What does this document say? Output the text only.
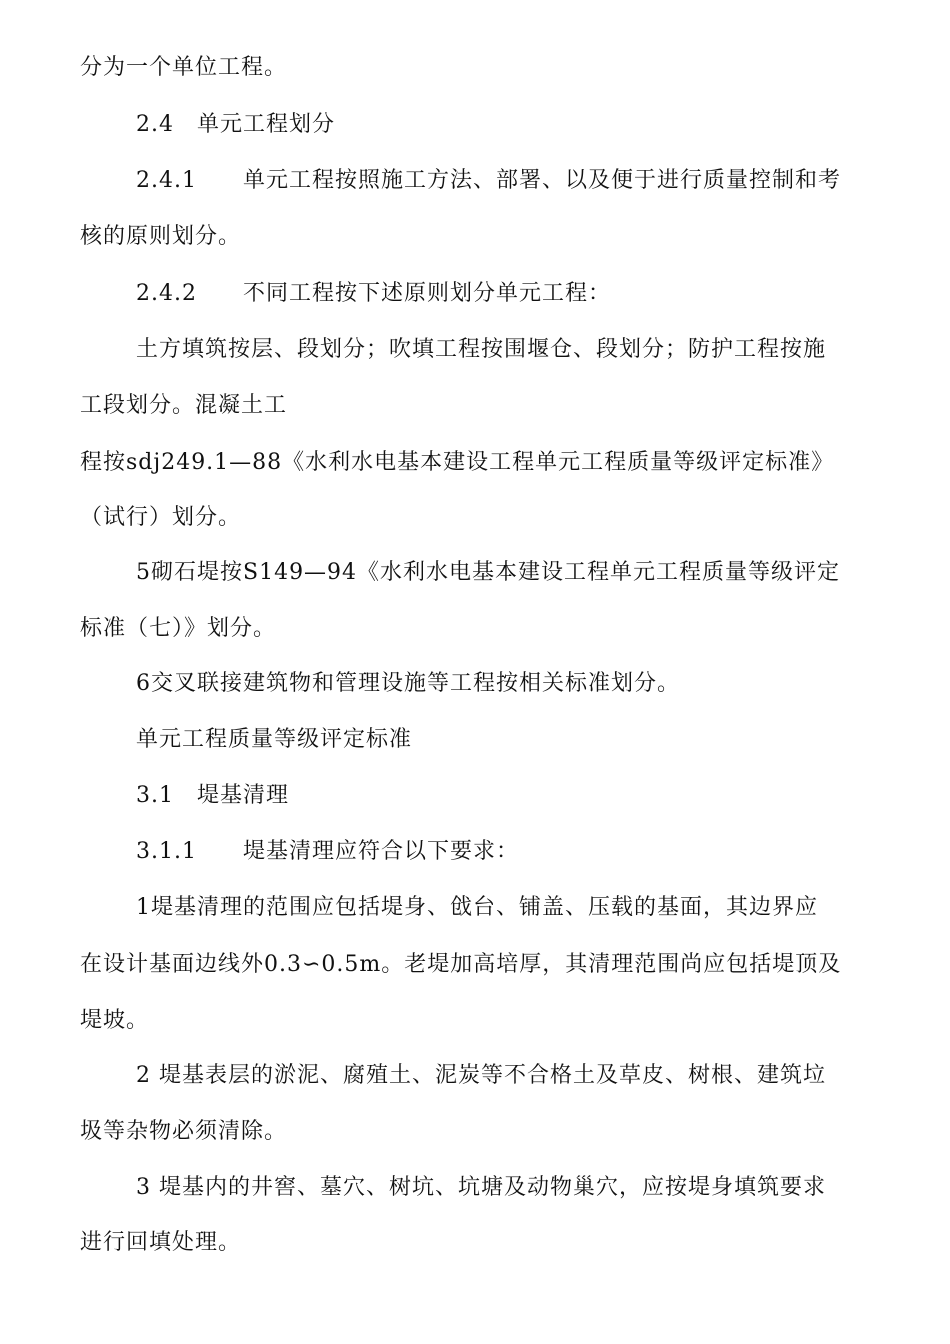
分为一个单位工程。
2.4　单元工程划分
2.4.1　　单元工程按照施工方法、部署、以及便于进行质量控制和考
核的原则划分。
2.4.2　　不同工程按下述原则划分单元工程：
土方填筑按层、段划分；吹填工程按围堰仓、段划分；防护工程按施
工段划分。混凝土工
程按sdj249.1—88《水利水电基本建设工程单元工程质量等级评定标准》
（试行）划分。
5砌石堤按S149—94《水利水电基本建设工程单元工程质量等级评定
标准（七）》划分。
6交叉联接建筑物和管理设施等工程按相关标准划分。
单元工程质量等级评定标准
3.1　堤基清理
3.1.1　　堤基清理应符合以下要求：
1堤基清理的范围应包括堤身、戗台、铺盖、压载的基面，其边界应
在设计基面边线外0.3∽0.5m。老堤加高培厚，其清理范围尚应包括堤顶及
堤坡。
2 堤基表层的淤泥、腐殖土、泥炭等不合格土及草皮、树根、建筑垃
圾等杂物必须清除。
3 堤基内的井窖、墓穴、树坑、坑塘及动物巢穴，应按堤身填筑要求
进行回填处理。
